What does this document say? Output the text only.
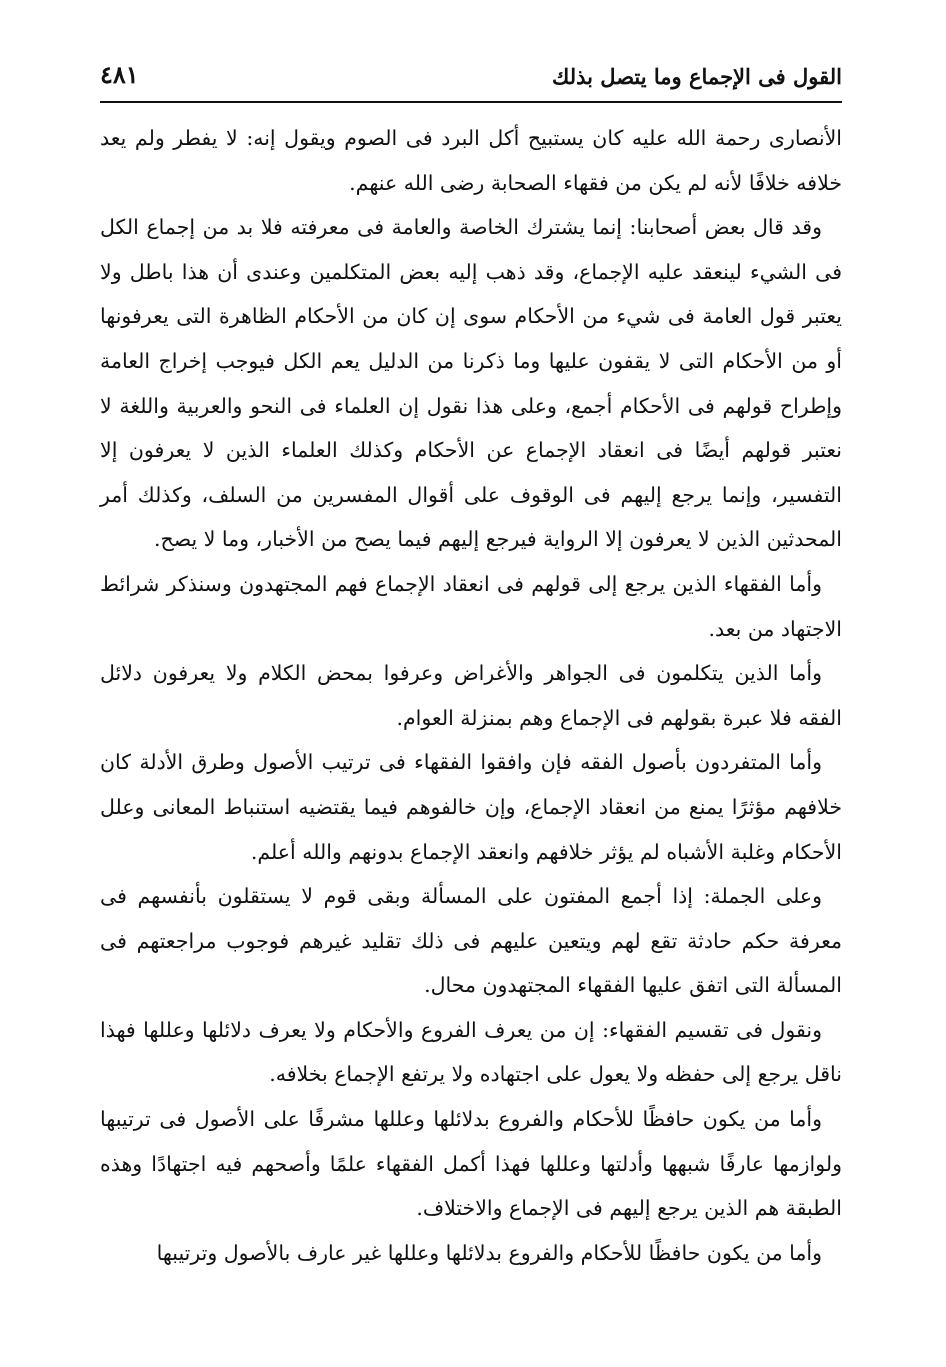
القول فى الإجماع وما يتصل بذلك
٤٨١

الأنصارى رحمة الله عليه كان يستبيح أكل البرد فى الصوم ويقول إنه: لا يفطر ولم يعد خلافه خلافًا لأنه لم يكن من فقهاء الصحابة رضى الله عنهم.

وقد قال بعض أصحابنا: إنما يشترك الخاصة والعامة فى معرفته فلا بد من إجماع الكل فى الشيء لينعقد عليه الإجماع، وقد ذهب إليه بعض المتكلمين وعندى أن هذا باطل ولا يعتبر قول العامة فى شيء من الأحكام سوى إن كان من الأحكام الظاهرة التى يعرفونها أو من الأحكام التى لا يقفون عليها وما ذكرنا من الدليل يعم الكل فيوجب إخراج العامة وإطراح قولهم فى الأحكام أجمع، وعلى هذا نقول إن العلماء فى النحو والعربية واللغة لا نعتبر قولهم أيضًا فى انعقاد الإجماع عن الأحكام وكذلك العلماء الذين لا يعرفون إلا التفسير، وإنما يرجع إليهم فى الوقوف على أقوال المفسرين من السلف، وكذلك أمر المحدثين الذين لا يعرفون إلا الرواية فيرجع إليهم فيما يصح من الأخبار، وما لا يصح.

وأما الفقهاء الذين يرجع إلى قولهم فى انعقاد الإجماع فهم المجتهدون وسنذكر شرائط الاجتهاد من بعد.

وأما الذين يتكلمون فى الجواهر والأغراض وعرفوا بمحض الكلام ولا يعرفون دلائل الفقه فلا عبرة بقولهم فى الإجماع وهم بمنزلة العوام.

وأما المتفردون بأصول الفقه فإن وافقوا الفقهاء فى ترتيب الأصول وطرق الأدلة كان خلافهم مؤثرًا يمنع من انعقاد الإجماع، وإن خالفوهم فيما يقتضيه استنباط المعانى وعلل الأحكام وغلبة الأشباه لم يؤثر خلافهم وانعقد الإجماع بدونهم والله أعلم.

وعلى الجملة: إذا أجمع المفتون على المسألة وبقى قوم لا يستقلون بأنفسهم فى معرفة حكم حادثة تقع لهم ويتعين عليهم فى ذلك تقليد غيرهم فوجوب مراجعتهم فى المسألة التى اتفق عليها الفقهاء المجتهدون محال.

ونقول فى تقسيم الفقهاء: إن من يعرف الفروع والأحكام ولا يعرف دلائلها وعللها فهذا ناقل يرجع إلى حفظه ولا يعول على اجتهاده ولا يرتفع الإجماع بخلافه.

وأما من يكون حافظًا للأحكام والفروع بدلائلها وعللها مشرفًا على الأصول فى ترتيبها ولوازمها عارفًا شبهها وأدلتها وعللها فهذا أكمل الفقهاء علمًا وأصحهم فيه اجتهادًا وهذه الطبقة هم الذين يرجع إليهم فى الإجماع والاختلاف.

وأما من يكون حافظًا للأحكام والفروع بدلائلها وعللها غير عارف بالأصول وترتيبها
